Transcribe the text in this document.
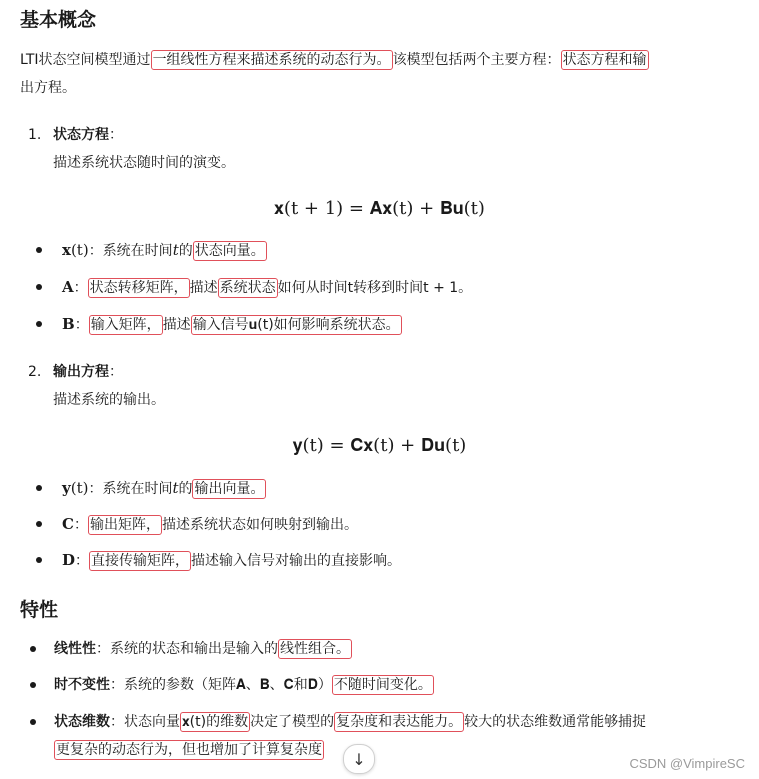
基本概念
LTI状态空间模型通过 一组线性方程来描述系统的动态行为。 该模型包括两个主要方程： 状态方程和输
出方程。
1. 状态方程：
描述系统状态随时间的演变。
𝐱(t + 1) = 𝐀𝐱(t) + 𝐁𝐮(t)
𝐱(t)：系统在时间t的 状态向量。
𝐀： 状态转移矩阵， 描述 系统状态 如何从时间t转移到时间t + 1。
𝐁： 输入矩阵， 描述 输入信号𝐮(t)如何影响系统状态。
2. 输出方程：
描述系统的输出。
𝐲(t) = 𝐂𝐱(t) + 𝐃𝐮(t)
𝐲(t)：系统在时间t的 输出向量。
𝐂： 输出矩阵， 描述系统状态如何映射到输出。
𝐃： 直接传输矩阵， 描述输入信号对输出的直接影响。
特性
线性性：系统的状态和输出是输入的 线性组合。
时不变性：系统的参数（矩阵𝐀、𝐁、𝐂和𝐃） 不随时间变化。
状态维数：状态向量 𝐱(t)的维数 决定了模型的 复杂度和表达能力。 较大的状态维数通常能够捕捉
更复杂的动态行为，但也增加了计算复杂度 ↓	CSDN @VimpireSC
